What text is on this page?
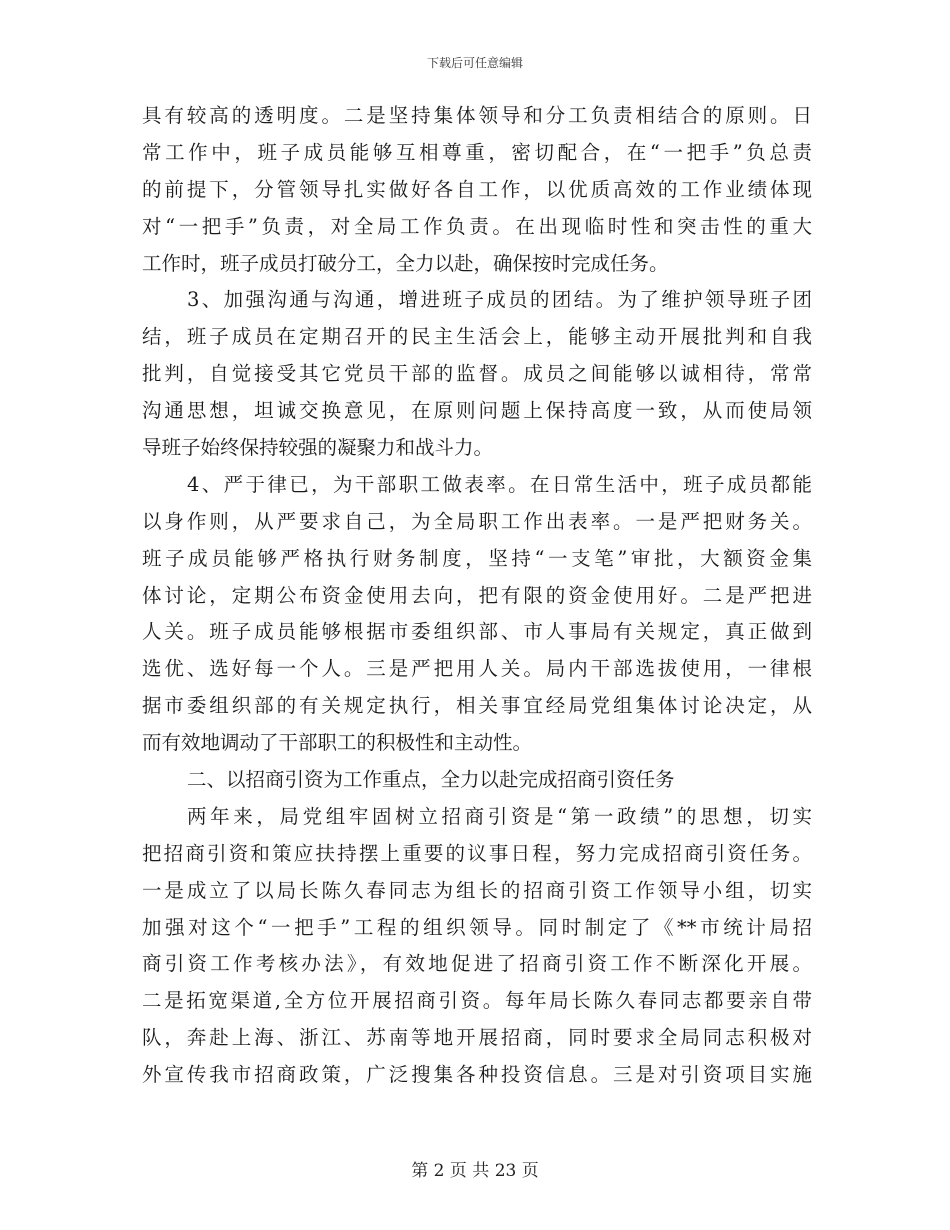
下载后可任意编辑
具有较高的透明度。二是坚持集体领导和分工负责相结合的原则。日
常工作中，班子成员能够互相尊重，密切配合，在“一把手”负总责
的前提下，分管领导扎实做好各自工作，以优质高效的工作业绩体现
对“一把手”负责，对全局工作负责。在出现临时性和突击性的重大
工作时，班子成员打破分工，全力以赴，确保按时完成任务。
3、加强沟通与沟通，增进班子成员的团结。为了维护领导班子团
结，班子成员在定期召开的民主生活会上，能够主动开展批判和自我
批判，自觉接受其它党员干部的监督。成员之间能够以诚相待，常常
沟通思想，坦诚交换意见，在原则问题上保持高度一致，从而使局领
导班子始终保持较强的凝聚力和战斗力。
4、严于律已，为干部职工做表率。在日常生活中，班子成员都能
以身作则，从严要求自己，为全局职工作出表率。一是严把财务关。
班子成员能够严格执行财务制度，坚持“一支笔”审批，大额资金集
体讨论，定期公布资金使用去向，把有限的资金使用好。二是严把进
人关。班子成员能够根据市委组织部、市人事局有关规定，真正做到
选优、选好每一个人。三是严把用人关。局内干部选拔使用，一律根
据市委组织部的有关规定执行，相关事宜经局党组集体讨论决定，从
而有效地调动了干部职工的积极性和主动性。
二、以招商引资为工作重点，全力以赴完成招商引资任务
两年来，局党组牢固树立招商引资是“第一政绩”的思想，切实
把招商引资和策应扶持摆上重要的议事日程，努力完成招商引资任务。
一是成立了以局长陈久春同志为组长的招商引资工作领导小组，切实
加强对这个“一把手”工程的组织领导。同时制定了《**市统计局招
商引资工作考核办法》，有效地促进了招商引资工作不断深化开展。
二是拓宽渠道,全方位开展招商引资。每年局长陈久春同志都要亲自带
队，奔赴上海、浙江、苏南等地开展招商，同时要求全局同志积极对
外宣传我市招商政策，广泛搜集各种投资信息。三是对引资项目实施
第 2 页 共 23 页
